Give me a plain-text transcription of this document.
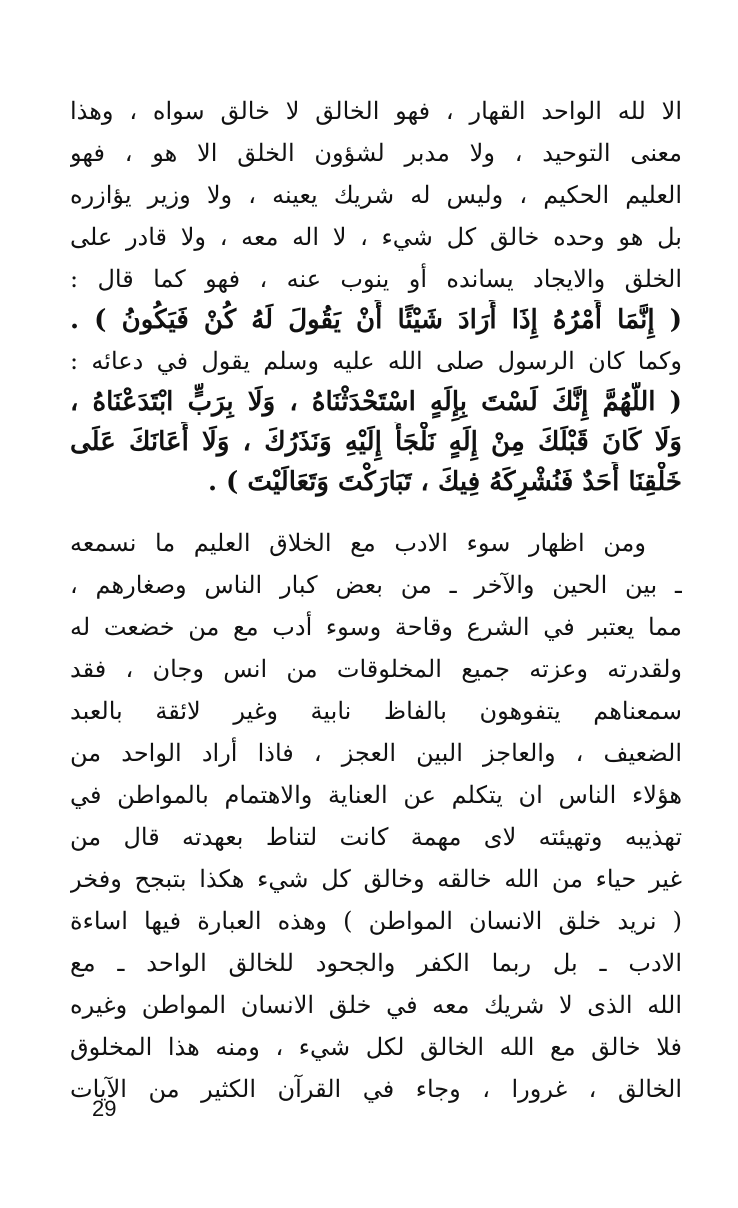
الا لله الواحد القهار ، فهو الخالق لا خالق سواه ، وهذا
معنى التوحيد ، ولا مدبر لشؤون الخلق الا هو ، فهو
العليم الحكيم ، وليس له شريك يعينه ، ولا وزير يؤازره
بل هو وحده خالق كل شيء ، لا اله معه ، ولا قادر على
الخلق والايجاد يسانده أو ينوب عنه ، فهو كما قال :
( إِنَّمَا أَمْرُهُ إِذَا أَرَادَ شَيْئًا أَنْ يَقُولَ لَهُ كُنْ فَيَكُونُ ) .
وكما كان الرسول صلى الله عليه وسلم يقول في دعائه :
( اللَّهُمَّ إِنَّكَ لَسْتَ بِإِلَهٍ اسْتَحْدَثْنَاهُ ، وَلَا بِرَبٍّ ابْتَدَعْنَاهُ ،
وَلَا كَانَ قَبْلَكَ مِنْ إِلَهٍ نَلْجَأُ إِلَيْهِ وَنَذَرُكَ ، وَلَا أَعَانَكَ عَلَى
خَلْقِنَا أَحَدٌ فَنُشْرِكَهُ فِيكَ ، تَبَارَكْتَ وَتَعَالَيْتَ ) .
ومن اظهار سوء الادب مع الخلاق العليم ما نسمعه
ـ بين الحين والآخر ـ من بعض كبار الناس وصغارهم ،
مما يعتبر في الشرع وقاحة وسوء أدب مع من خضعت له
ولقدرته وعزته جميع المخلوقات من انس وجان ، فقد
سمعناهم يتفوهون بالفاظ نابية وغير لائقة بالعبد
الضعيف ، والعاجز البين العجز ، فاذا أراد الواحد من
هؤلاء الناس ان يتكلم عن العناية والاهتمام بالمواطن في
تهذيبه وتهيئته لاى مهمة كانت لتناط بعهدته قال من
غير حياء من الله خالقه وخالق كل شيء هكذا بتبجح وفخر
( نريد خلق الانسان المواطن ) وهذه العبارة فيها اساءة
الادب ـ بل ربما الكفر والجحود للخالق الواحد ـ مع
الله الذى لا شريك معه في خلق الانسان المواطن وغيره
فلا خالق مع الله الخالق لكل شيء ، ومنه هذا المخلوق
الخالق ، غرورا ، وجاء في القرآن الكثير من الآيات
29
